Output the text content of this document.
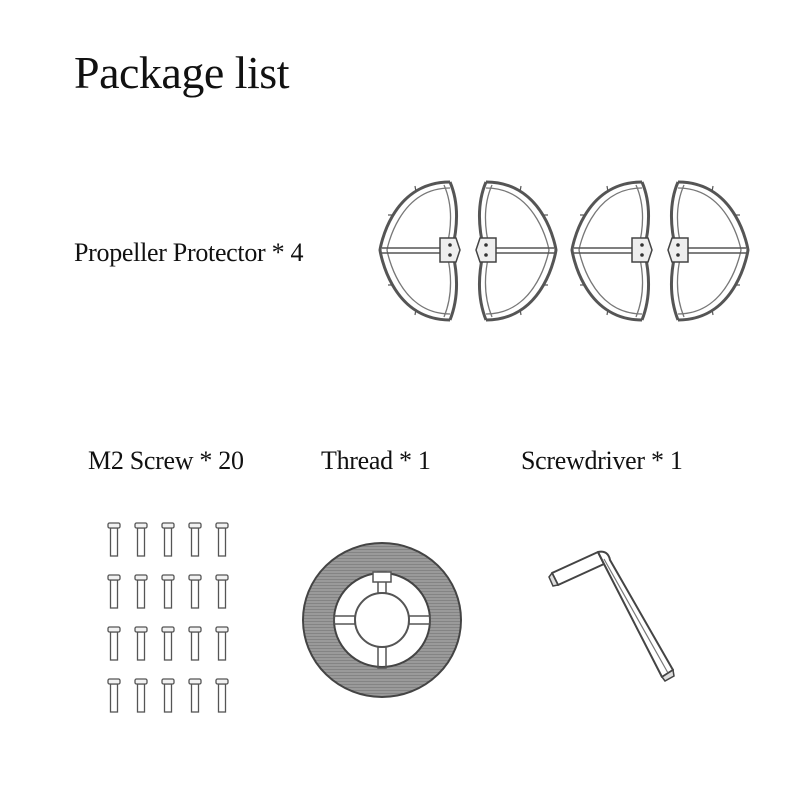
Package list
Propeller Protector * 4
M2 Screw * 20	Thread * 1	Screwdriver * 1
